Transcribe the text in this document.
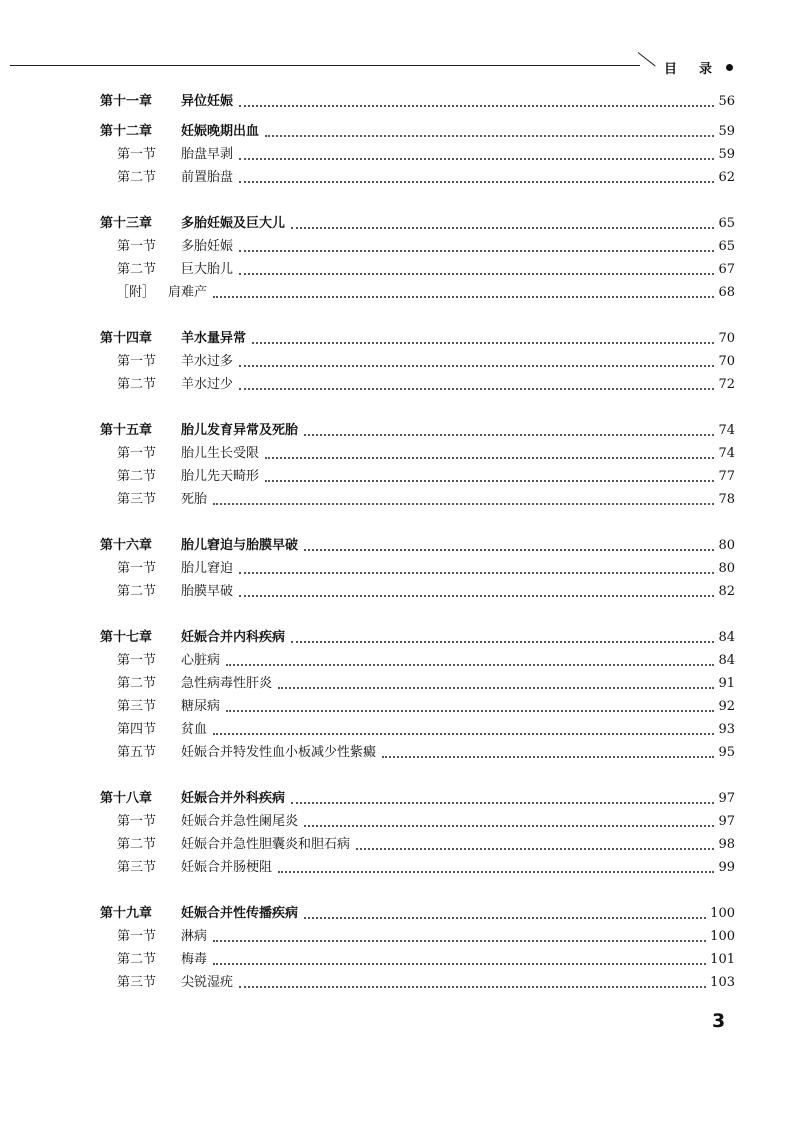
目 录
第十一章 异位妊娠	56
第十二章 妊娠晚期出血	59
第一节 胎盘早剥	59
第二节 前置胎盘	62
第十三章 多胎妊娠及巨大儿	65
第一节 多胎妊娠	65
第二节 巨大胎儿	67
［附］ 肩难产	68
第十四章 羊水量异常	70
第一节 羊水过多	70
第二节 羊水过少	72
第十五章 胎儿发育异常及死胎	74
第一节 胎儿生长受限	74
第二节 胎儿先天畸形	77
第三节 死胎	78
第十六章 胎儿窘迫与胎膜早破	80
第一节 胎儿窘迫	80
第二节 胎膜早破	82
第十七章 妊娠合并内科疾病	84
第一节 心脏病	84
第二节 急性病毒性肝炎	91
第三节 糖尿病	92
第四节 贫血	93
第五节 妊娠合并特发性血小板减少性紫癜	95
第十八章 妊娠合并外科疾病	97
第一节 妊娠合并急性阑尾炎	97
第二节 妊娠合并急性胆囊炎和胆石病	98
第三节 妊娠合并肠梗阻	99
第十九章 妊娠合并性传播疾病	100
第一节 淋病	100
第二节 梅毒	101
第三节 尖锐湿疣	103
3
